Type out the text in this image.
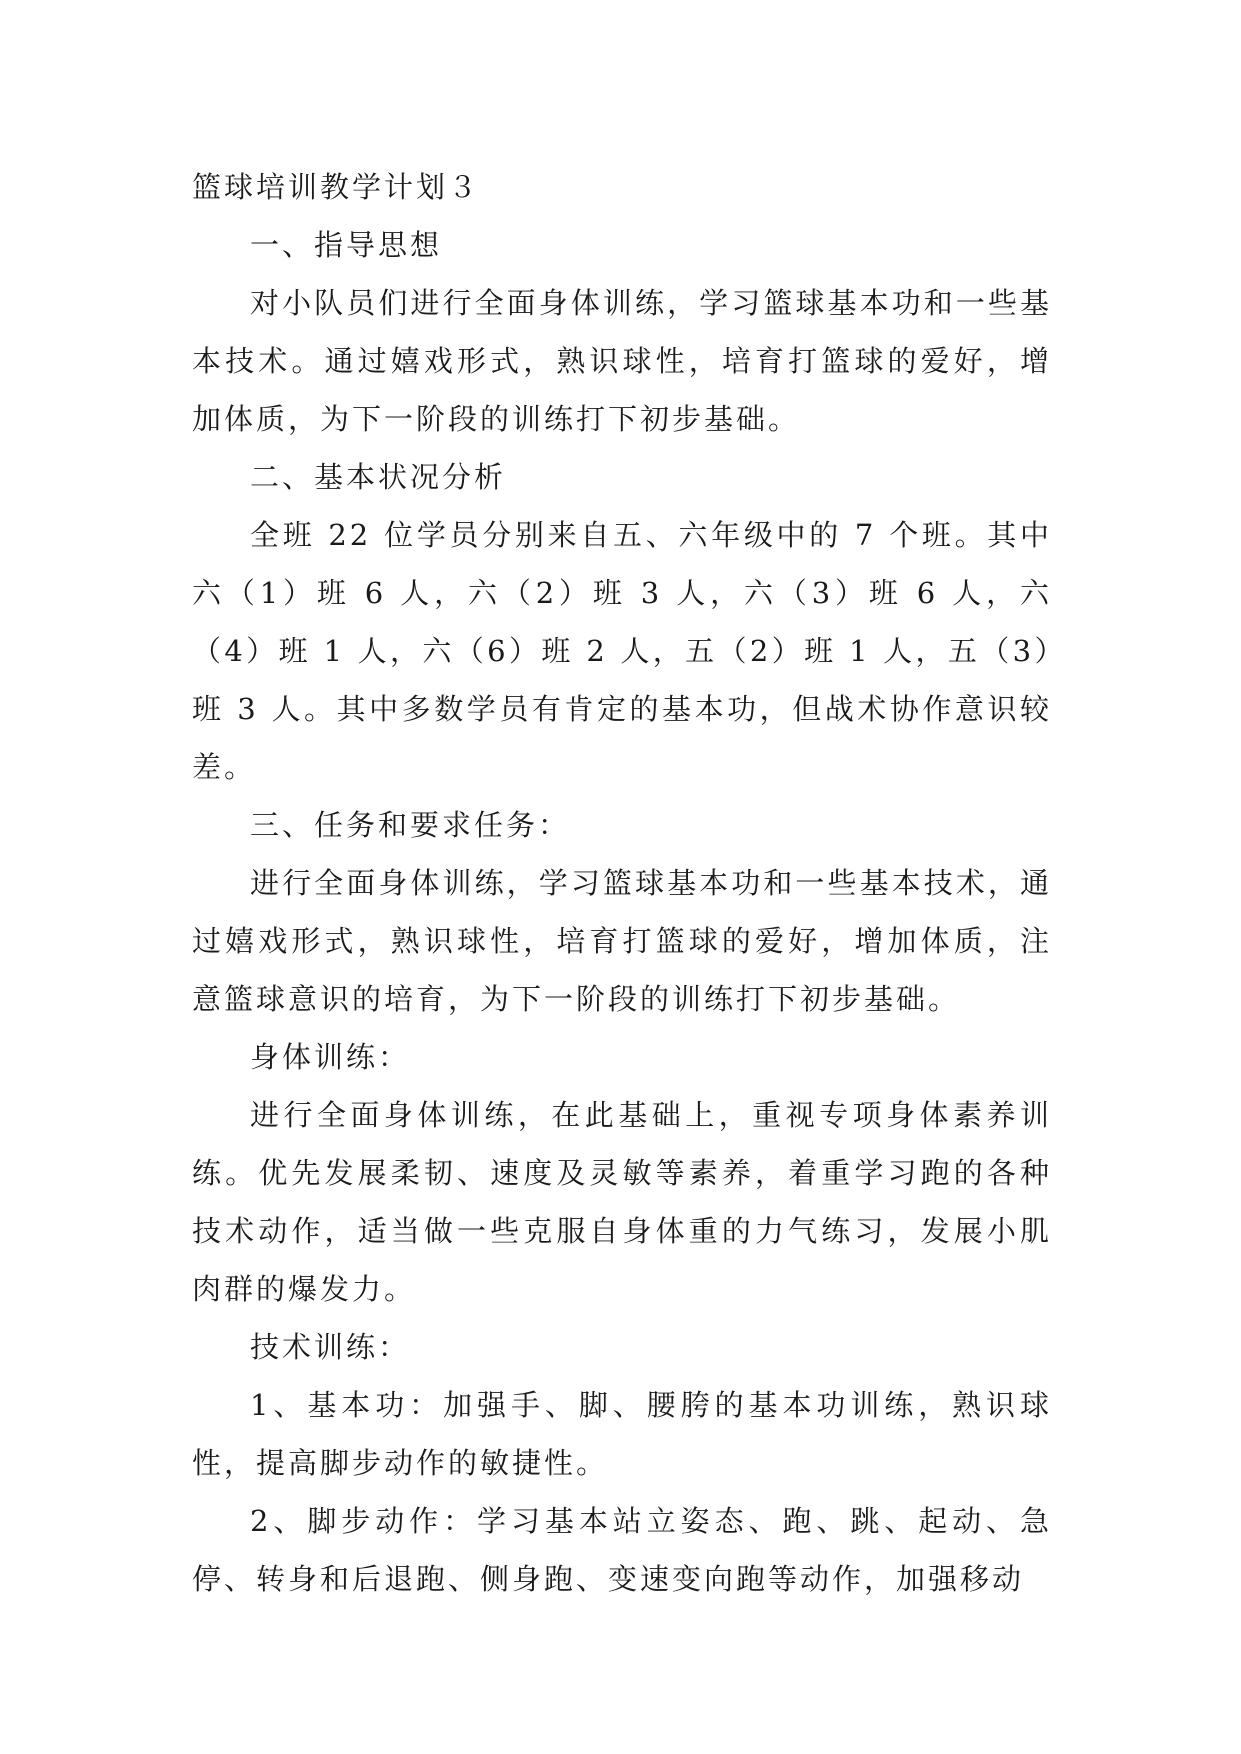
篮球培训教学计划３
一、指导思想

对小队员们进行全面身体训练，学习篮球基本功和一些基本技术。通过嬉戏形式，熟识球性，培育打篮球的爱好，增加体质，为下一阶段的训练打下初步基础。

二、基本状况分析

全班 22 位学员分别来自五、六年级中的 7 个班。其中六（1）班 6 人，六（2）班 3 人，六（3）班 6 人，六（4）班 1 人，六（6）班 2 人，五（2）班 1 人，五（3）班 3 人。其中多数学员有肯定的基本功，但战术协作意识较差。

三、任务和要求任务：

进行全面身体训练，学习篮球基本功和一些基本技术，通过嬉戏形式，熟识球性，培育打篮球的爱好，增加体质，注意篮球意识的培育，为下一阶段的训练打下初步基础。

身体训练：

进行全面身体训练，在此基础上，重视专项身体素养训练。优先发展柔韧、速度及灵敏等素养，着重学习跑的各种技术动作，适当做一些克服自身体重的力气练习，发展小肌肉群的爆发力。

技术训练：

1、基本功：加强手、脚、腰胯的基本功训练，熟识球性，提高脚步动作的敏捷性。

2、脚步动作：学习基本站立姿态、跑、跳、起动、急停、转身和后退跑、侧身跑、变速变向跑等动作，加强移动
